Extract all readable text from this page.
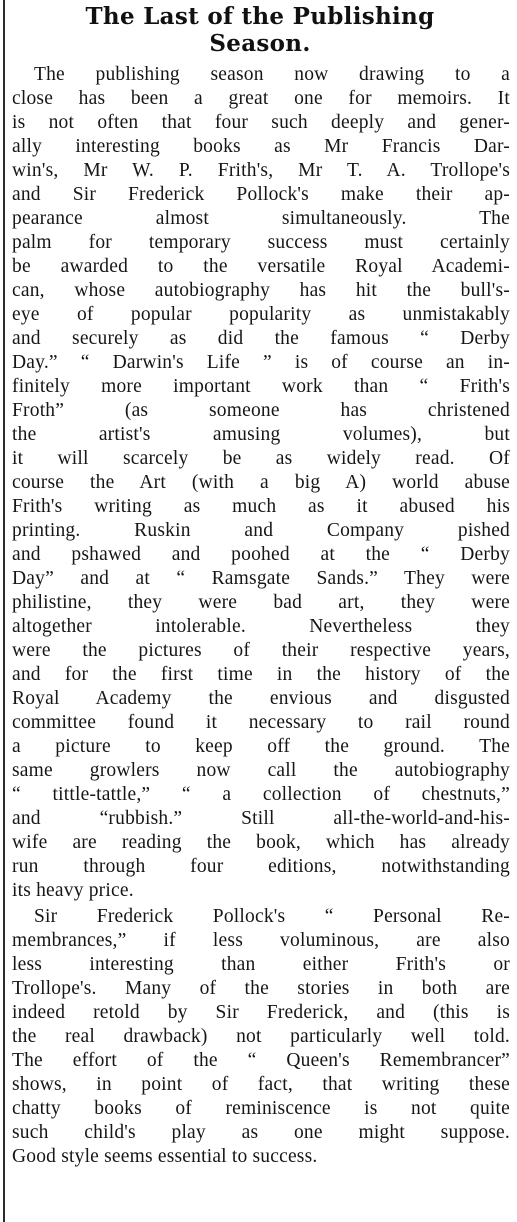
The Last of the Publishing
Season.
The publishing season now drawing to a
close has been a great one for memoirs. It
is not often that four such deeply and gener-
ally interesting books as Mr Francis Dar-
win's, Mr W. P. Frith's, Mr T. A. Trollope's
and Sir Frederick Pollock's make their ap-
pearance almost simultaneously. The
palm for temporary success must certainly
be awarded to the versatile Royal Academi-
can, whose autobiography has hit the bull's-
eye of popular popularity as unmistakably
and securely as did the famous “ Derby
Day.” “ Darwin's Life ” is of course an in-
finitely more important work than “ Frith's
Froth” (as someone has christened
the artist's amusing volumes), but
it will scarcely be as widely read. Of
course the Art (with a big A) world abuse
Frith's writing as much as it abused his
printing. Ruskin and Company pished
and pshawed and poohed at the “ Derby
Day” and at “ Ramsgate Sands.” They were
philistine, they were bad art, they were
altogether intolerable. Nevertheless they
were the pictures of their respective years,
and for the first time in the history of the
Royal Academy the envious and disgusted
committee found it necessary to rail round
a picture to keep off the ground. The
same growlers now call the autobiography
“ tittle-tattle,” “ a collection of chestnuts,”
and “rubbish.” Still all-the-world-and-his-
wife are reading the book, which has already
run through four editions, notwithstanding
its heavy price.
Sir Frederick Pollock's “ Personal Re-
membrances,” if less voluminous, are also
less interesting than either Frith's or
Trollope's. Many of the stories in both are
indeed retold by Sir Frederick, and (this is
the real drawback) not particularly well told.
The effort of the “ Queen's Remembrancer”
shows, in point of fact, that writing these
chatty books of reminiscence is not quite
such child's play as one might suppose.
Good style seems essential to success.
